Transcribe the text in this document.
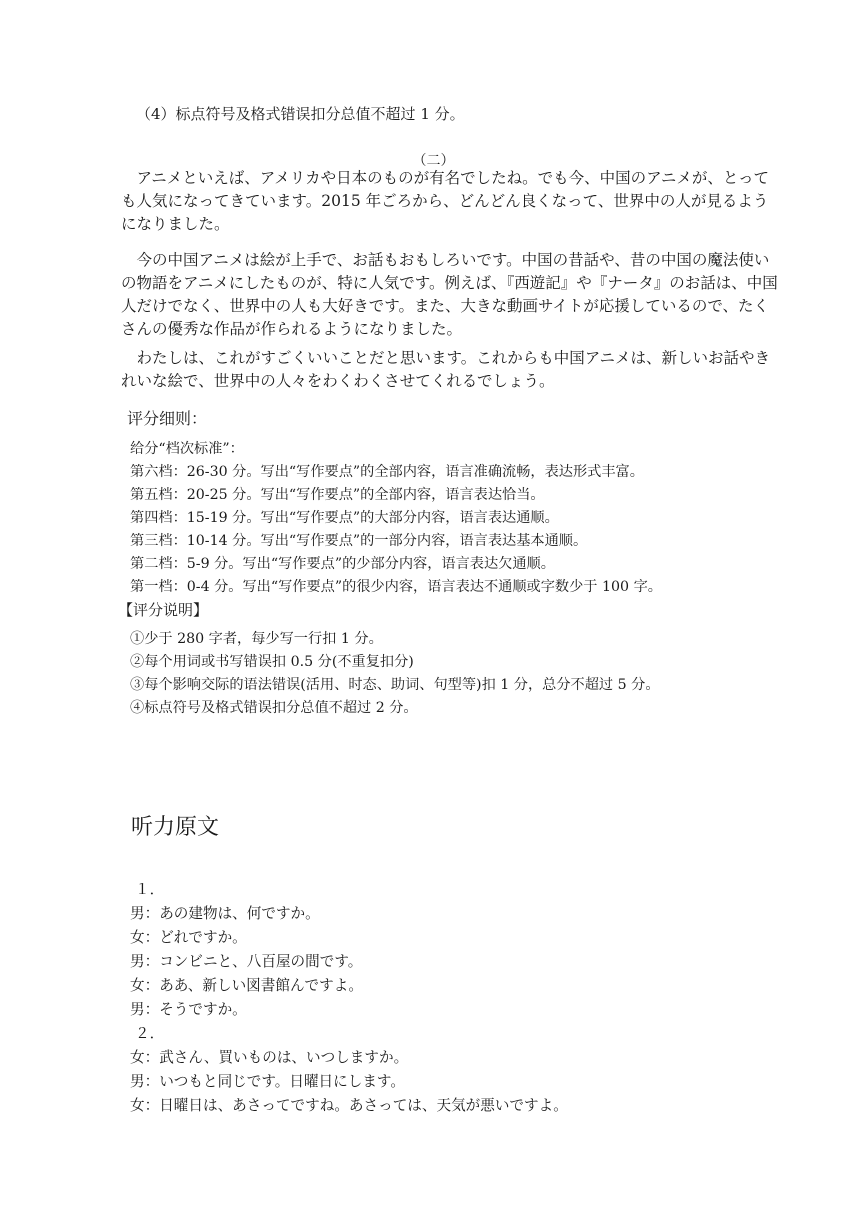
（4）标点符号及格式错误扣分总值不超过 1 分。

（二）

アニメといえば、アメリカや日本のものが有名でしたね。でも今、中国のアニメが、とっても人気になってきています。2015 年ごろから、どんどん良くなって、世界中の人が見るようになりました。

今の中国アニメは絵が上手で、お話もおもしろいです。中国の昔話や、昔の中国の魔法使いの物語をアニメにしたものが、特に人気です。例えば、『西遊記』や『ナータ』のお話は、中国人だけでなく、世界中の人も大好きです。また、大きな動画サイトが応援しているので、たくさんの優秀な作品が作られるようになりました。

わたしは、これがすごくいいことだと思います。これからも中国アニメは、新しいお話やきれいな絵で、世界中の人々をわくわくさせてくれるでしょう。

评分细则：

给分“档次标准”：

第六档：26-30 分。写出“写作要点”的全部内容，语言准确流畅，表达形式丰富。

第五档：20-25 分。写出“写作要点”的全部内容，语言表达恰当。

第四档：15-19 分。写出“写作要点”的大部分内容，语言表达通顺。

第三档：10-14 分。写出“写作要点”的一部分内容，语言表达基本通顺。

第二档：5-9 分。写出“写作要点”的少部分内容，语言表达欠通顺。

第一档：0-4 分。写出“写作要点”的很少内容，语言表达不通顺或字数少于 100 字。

【评分说明】

①少于 280 字者，每少写一行扣 1 分。

②每个用词或书写错误扣 0.5 分(不重复扣分)

③每个影响交际的语法错误(活用、时态、助词、句型等)扣 1 分，总分不超过 5 分。

④标点符号及格式错误扣分总值不超过 2 分。

听力原文

１．

男：あの建物は、何ですか。

女：どれですか。

男：コンビニと、八百屋の間です。

女：ああ、新しい図書館んですよ。

男：そうですか。

２．

女：武さん、買いものは、いつしますか。

男：いつもと同じです。日曜日にします。

女：日曜日は、あさってですね。あさっては、天気が悪いですよ。
